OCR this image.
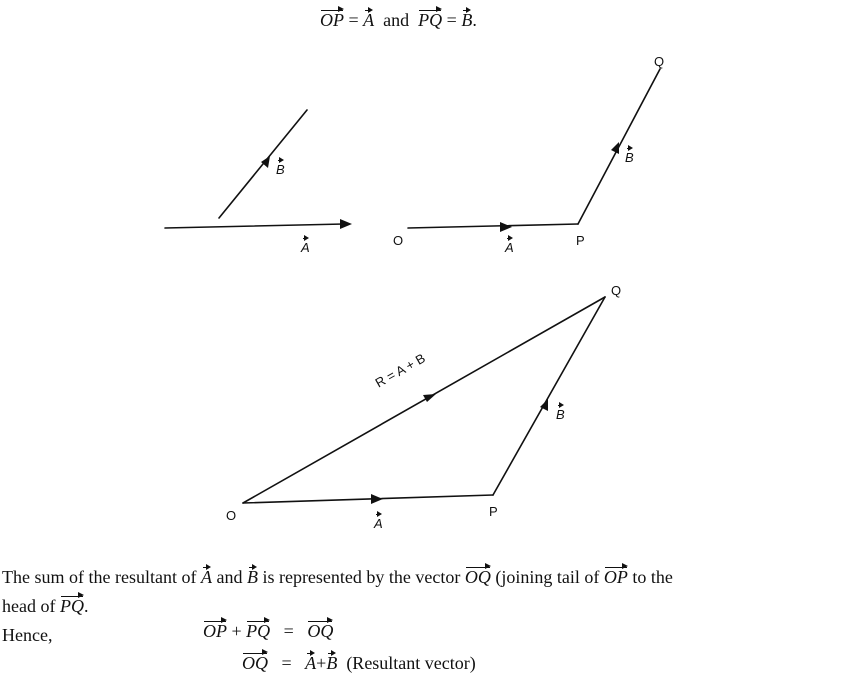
OP = A and PQ = B.
B
A	O	A	P
B
Q
O
A
P
B
Q
R = A + B
The sum of the resultant of A and B is represented by the vector OQ (joining tail of OP to the
head of PQ.
Hence,	OP + PQ = OQ
OQ = A+B (Resultant vector)
